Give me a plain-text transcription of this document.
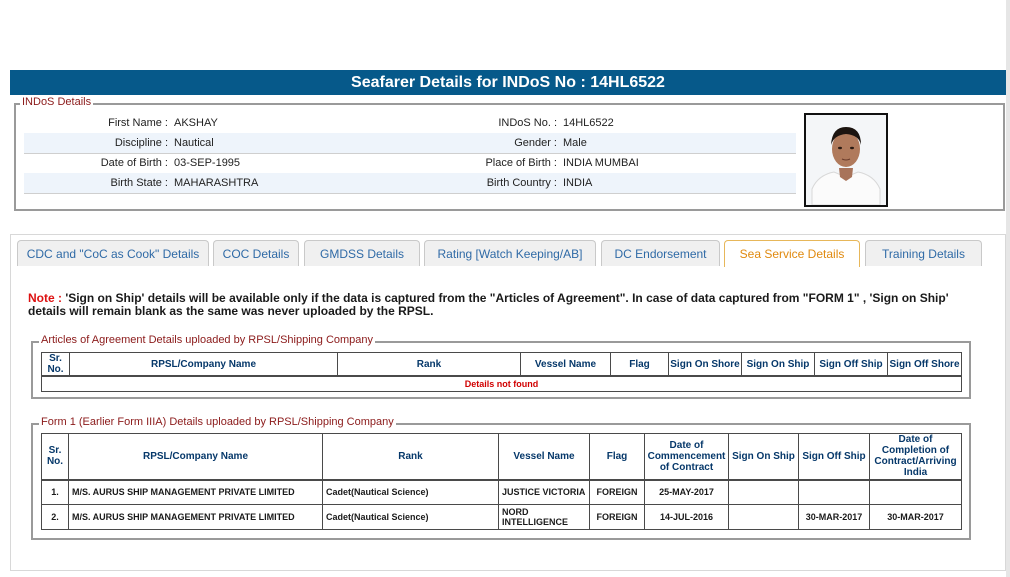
Seafarer Details for INDoS No : 14HL6522
INDoS Details
First Name : AKSHAY	INDoS No. : 14HL6522
Discipline : Nautical	Gender : Male
Date of Birth : 03-SEP-1995	Place of Birth : INDIA MUMBAI
Birth State : MAHARASHTRA	Birth Country : INDIA
CDC and "CoC as Cook" Details	COC Details	GMDSS Details	Rating [Watch Keeping/AB]	DC Endorsement	Sea Service Details	Training Details
Note : 'Sign on Ship' details will be available only if the data is captured from the "Articles of Agreement". In case of data captured from "FORM 1" , 'Sign on Ship' details will remain blank as the same was never uploaded by the RPSL.
Articles of Agreement Details uploaded by RPSL/Shipping Company
Sr. No.	RPSL/Company Name	Rank	Vessel Name	Flag	Sign On Shore	Sign On Ship	Sign Off Ship	Sign Off Shore
Details not found
Form 1 (Earlier Form IIIA) Details uploaded by RPSL/Shipping Company
Sr. No.	RPSL/Company Name	Rank	Vessel Name	Flag	Date of Commencement of Contract	Sign On Ship	Sign Off Ship	Date of Completion of Contract/Arriving India
1.	M/S. AURUS SHIP MANAGEMENT PRIVATE LIMITED	Cadet(Nautical Science)	JUSTICE VICTORIA	FOREIGN	25-MAY-2017			
2.	M/S. AURUS SHIP MANAGEMENT PRIVATE LIMITED	Cadet(Nautical Science)	NORD INTELLIGENCE	FOREIGN	14-JUL-2016		30-MAR-2017	30-MAR-2017
